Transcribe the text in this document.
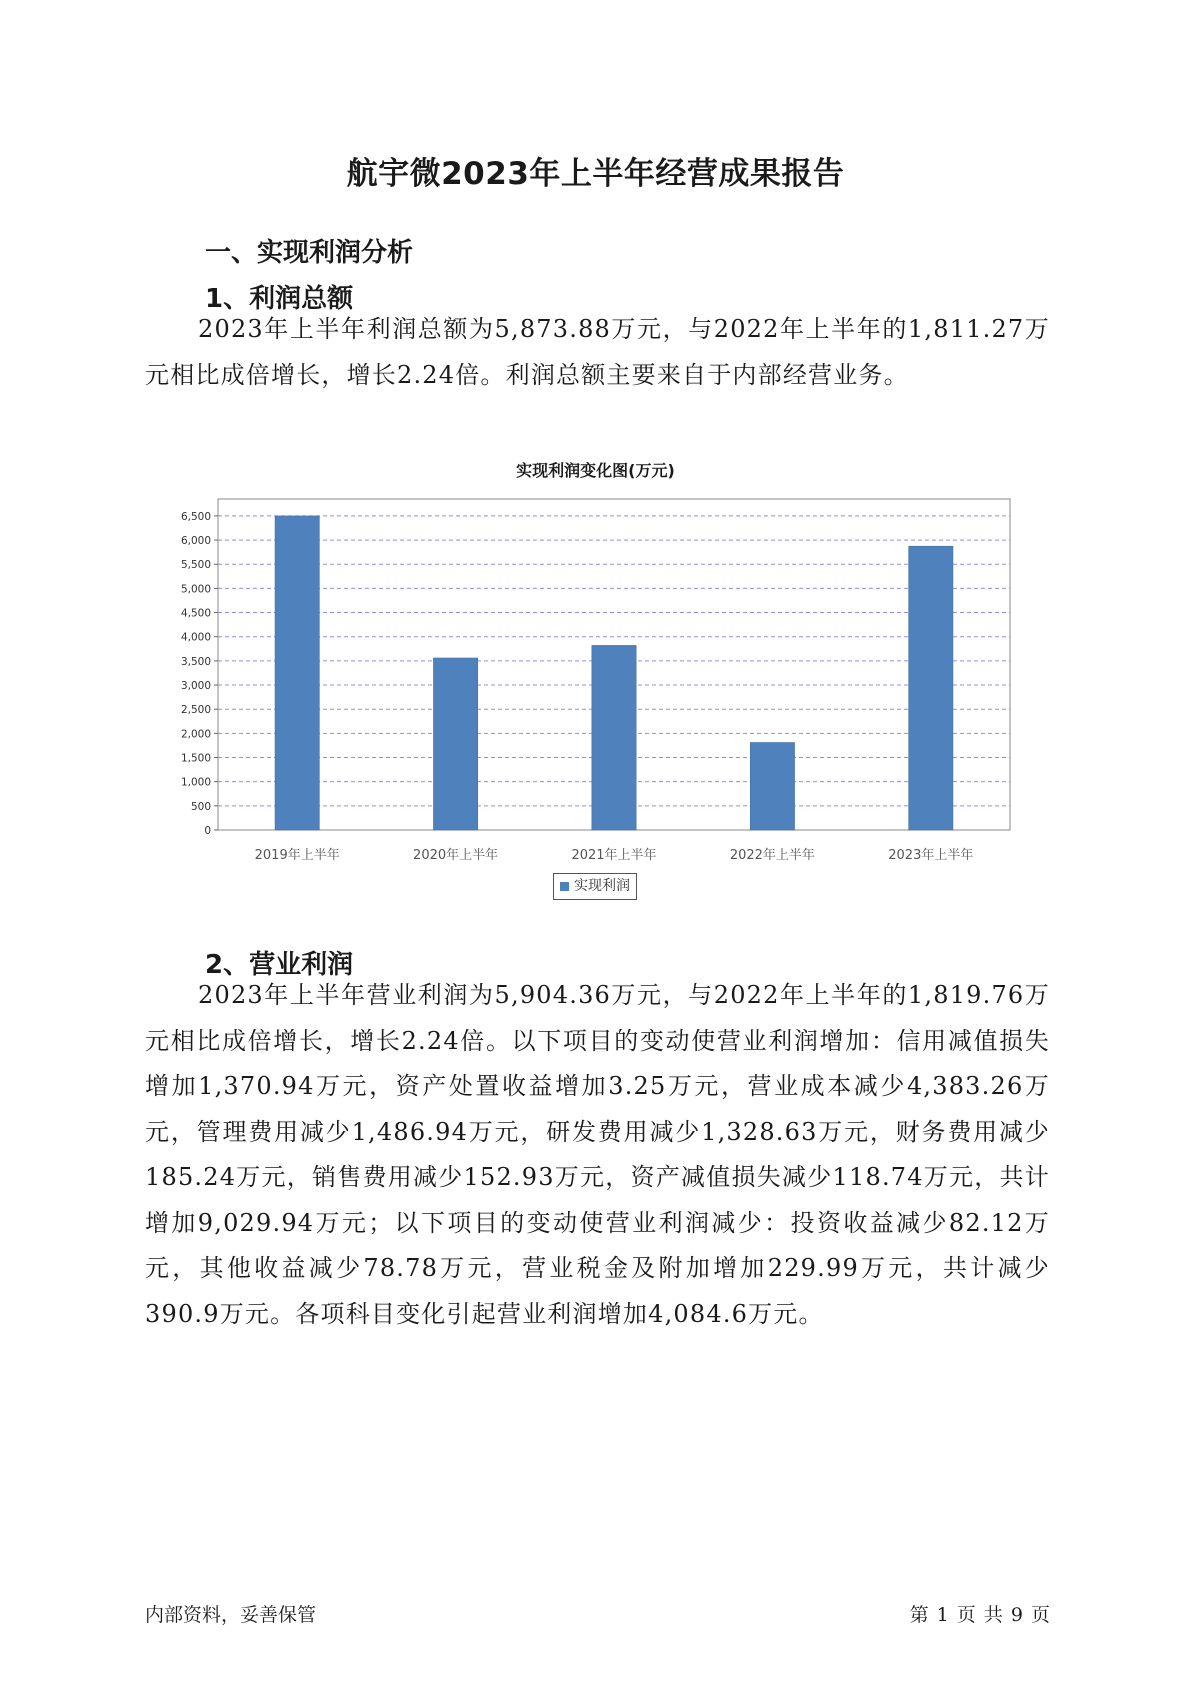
航宇微2023年上半年经营成果报告
一、实现利润分析
1、利润总额

2023年上半年利润总额为5,873.88万元，与2022年上半年的1,811.27万元相比成倍增长，增长2.24倍。利润总额主要来自于内部经营业务。

实现利润变化图(万元)
0
500
1,000
1,500
2,000
2,500
3,000
3,500
4,000
4,500
5,000
5,500
6,000
6,500
2019年上半年	2020年上半年	2021年上半年	2022年上半年	2023年上半年
实现利润
2、营业利润

2023年上半年营业利润为5,904.36万元，与2022年上半年的1,819.76万元相比成倍增长，增长2.24倍。以下项目的变动使营业利润增加：信用减值损失增加1,370.94万元，资产处置收益增加3.25万元，营业成本减少4,383.26万元，管理费用减少1,486.94万元，研发费用减少1,328.63万元，财务费用减少185.24万元，销售费用减少152.93万元，资产减值损失减少118.74万元，共计增加9,029.94万元；以下项目的变动使营业利润减少：投资收益减少82.12万元，其他收益减少78.78万元，营业税金及附加增加229.99万元，共计减少390.9万元。各项科目变化引起营业利润增加4,084.6万元。

内部资料，妥善保管	第 1 页 共 9 页
